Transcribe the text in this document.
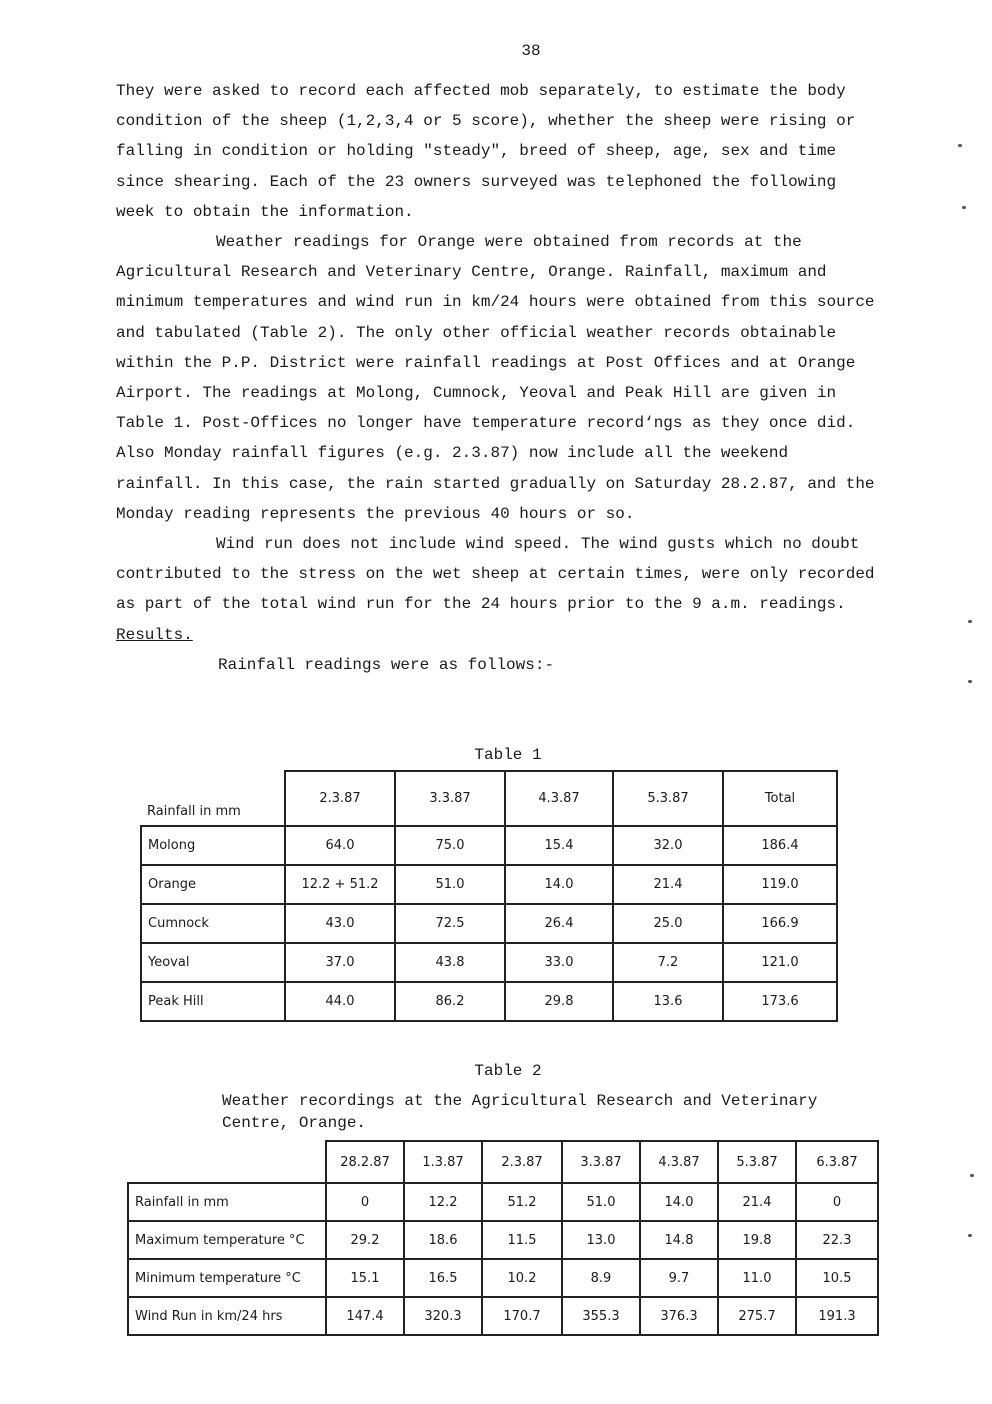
38

They were asked to record each affected mob separately, to estimate the body condition of the sheep (1,2,3,4 or 5 score), whether the sheep were rising or falling in condition or holding "steady", breed of sheep, age, sex and time since shearing. Each of the 23 owners surveyed was telephoned the following week to obtain the information.

Weather readings for Orange were obtained from records at the Agricultural Research and Veterinary Centre, Orange. Rainfall, maximum and minimum temperatures and wind run in km/24 hours were obtained from this source and tabulated (Table 2). The only other official weather records obtainable within the P.P. District were rainfall readings at Post Offices and at Orange Airport. The readings at Molong, Cumnock, Yeoval and Peak Hill are given in Table 1. Post-Offices no longer have temperature record‘ngs as they once did. Also Monday rainfall figures (e.g. 2.3.87) now include all the weekend rainfall. In this case, the rain started gradually on Saturday 28.2.87, and the Monday reading represents the previous 40 hours or so.

Wind run does not include wind speed. The wind gusts which no doubt contributed to the stress on the wet sheep at certain times, were only recorded as part of the total wind run for the 24 hours prior to the 9 a.m. readings.

Results.

Rainfall readings were as follows:-

Table 1
Rainfall in mm	2.3.87	3.3.87	4.3.87	5.3.87	Total
Molong	64.0	75.0	15.4	32.0	186.4
Orange	12.2 + 51.2	51.0	14.0	21.4	119.0
Cumnock	43.0	72.5	26.4	25.0	166.9
Yeoval	37.0	43.8	33.0	7.2	121.0
Peak Hill	44.0	86.2	29.8	13.6	173.6
Table 2
Weather recordings at the Agricultural Research and Veterinary Centre, Orange.
	28.2.87	1.3.87	2.3.87	3.3.87	4.3.87	5.3.87	6.3.87
Rainfall in mm	0	12.2	51.2	51.0	14.0	21.4	0
Maximum temperature °C	29.2	18.6	11.5	13.0	14.8	19.8	22.3
Minimum temperature °C	15.1	16.5	10.2	8.9	9.7	11.0	10.5
Wind Run in km/24 hrs	147.4	320.3	170.7	355.3	376.3	275.7	191.3
